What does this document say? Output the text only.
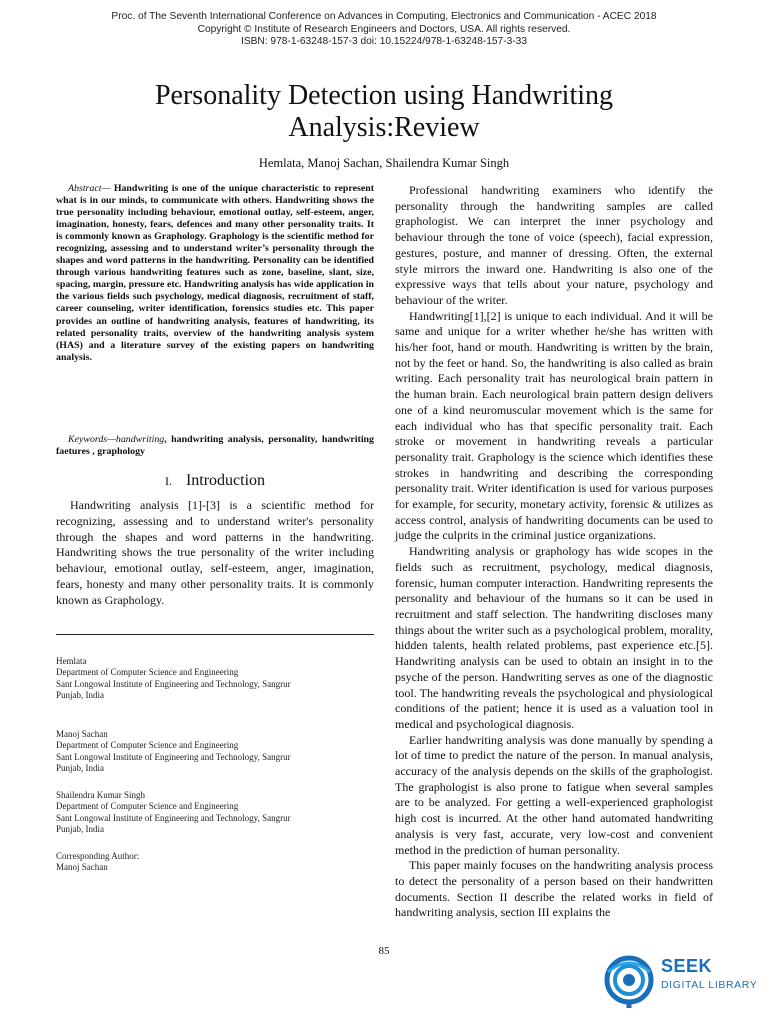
Proc. of The Seventh International Conference on Advances in Computing, Electronics and Communication - ACEC 2018
Copyright © Institute of Research Engineers and Doctors, USA. All rights reserved.
ISBN: 978-1-63248-157-3 doi: 10.15224/978-1-63248-157-3-33
Personality Detection using Handwriting
Analysis:Review
Hemlata, Manoj Sachan, Shailendra Kumar Singh

Abstract— Handwriting is one of the unique characteristic to represent what is in our minds, to communicate with others. Handwriting shows the true personality including behaviour, emotional outlay, self-esteem, anger, imagination, honesty, fears, defences and many other personality traits. It is commonly known as Graphology. Graphology is the scientific method for recognizing, assessing and to understand writer’s personality through the shapes and word patterns in the handwriting. Personality can be identified through various handwriting features such as zone, baseline, slant, size, spacing, margin, pressure etc. Handwriting analysis has wide application in the various fields such psychology, medical diagnosis, recruitment of staff, career counseling, writer identification, forensics studies etc. This paper provides an outline of handwriting analysis, features of handwriting, its related personality traits, overview of the handwriting analysis system (HAS) and a literature survey of the existing papers on handwriting analysis.

Keywords—handwriting, handwriting analysis, personality, handwriting faetures , graphology

I. Introduction

Handwriting analysis [1]-[3] is a scientific method for recognizing, assessing and to understand writer's personality through the shapes and word patterns in the handwriting. Handwriting shows the true personality of the writer including behaviour, emotional outlay, self-esteem, anger, imagination, fears, honesty and many other personality traits. It is commonly known as Graphology.

Hemlata
Department of Computer Science and Engineering
Sant Longowal Institute of Engineering and Technology, Sangrur
Punjab, India
Manoj Sachan
Department of Computer Science and Engineering
Sant Longowal Institute of Engineering and Technology, Sangrur
Punjab, India
Shailendra Kumar Singh
Department of Computer Science and Engineering
Sant Longowal Institute of Engineering and Technology, Sangrur
Punjab, India
Corresponding Author:
Manoj Sachan

Professional handwriting examiners who identify the personality through the handwriting samples are called graphologist. We can interpret the inner psychology and behaviour through the tone of voice (speech), facial expression, gestures, posture, and manner of dressing. Often, the external style mirrors the inward one. Handwriting is also one of the expressive ways that tells about your nature, psychology and behaviour of the writer.

Handwriting[1],[2] is unique to each individual. And it will be same and unique for a writer whether he/she has written with his/her foot, hand or mouth. Handwriting is written by the brain, not by the feet or hand. So, the handwriting is also called as brain writing. Each personality trait has neurological brain pattern in the human brain. Each neurological brain pattern design delivers one of a kind neuromuscular movement which is the same for each individual who has that specific personality trait. Each stroke or movement in handwriting reveals a particular personality trait. Graphology is the science which identifies these strokes in handwriting and describing the corresponding personality trait. Writer identification is used for various purposes for example, for security, monetary activity, forensic & utilizes as access control, analysis of handwriting documents can be used to judge the culprits in the criminal justice organizations.

Handwriting analysis or graphology has wide scopes in the fields such as recruitment, psychology, medical diagnosis, forensic, human computer interaction. Handwriting represents the personality and behaviour of the humans so it can be used in recruitment and staff selection. The handwriting discloses many things about the writer such as a psychological problem, morality, hidden talents, health related problems, past experience etc.[5]. Handwriting analysis can be used to obtain an insight in to the psyche of the person. Handwriting serves as one of the diagnostic tool. The handwriting reveals the psychological and physiological conditions of the patient; hence it is used as a valuation tool in medical and psychological diagnosis.

Earlier handwriting analysis was done manually by spending a lot of time to predict the nature of the person. In manual analysis, accuracy of the analysis depends on the skills of the graphologist. The graphologist is also prone to fatigue when several samples are to be analyzed. For getting a well-experienced graphologist high cost is incurred. At the other hand automated handwriting analysis is very fast, accurate, very low-cost and convenient method in the prediction of human personality.

This paper mainly focuses on the handwriting analysis process to detect the personality of a person based on their handwritten documents. Section II describe the related works in field of handwriting analysis, section III explains the

85
SEEK
DIGITAL LIBRARY
